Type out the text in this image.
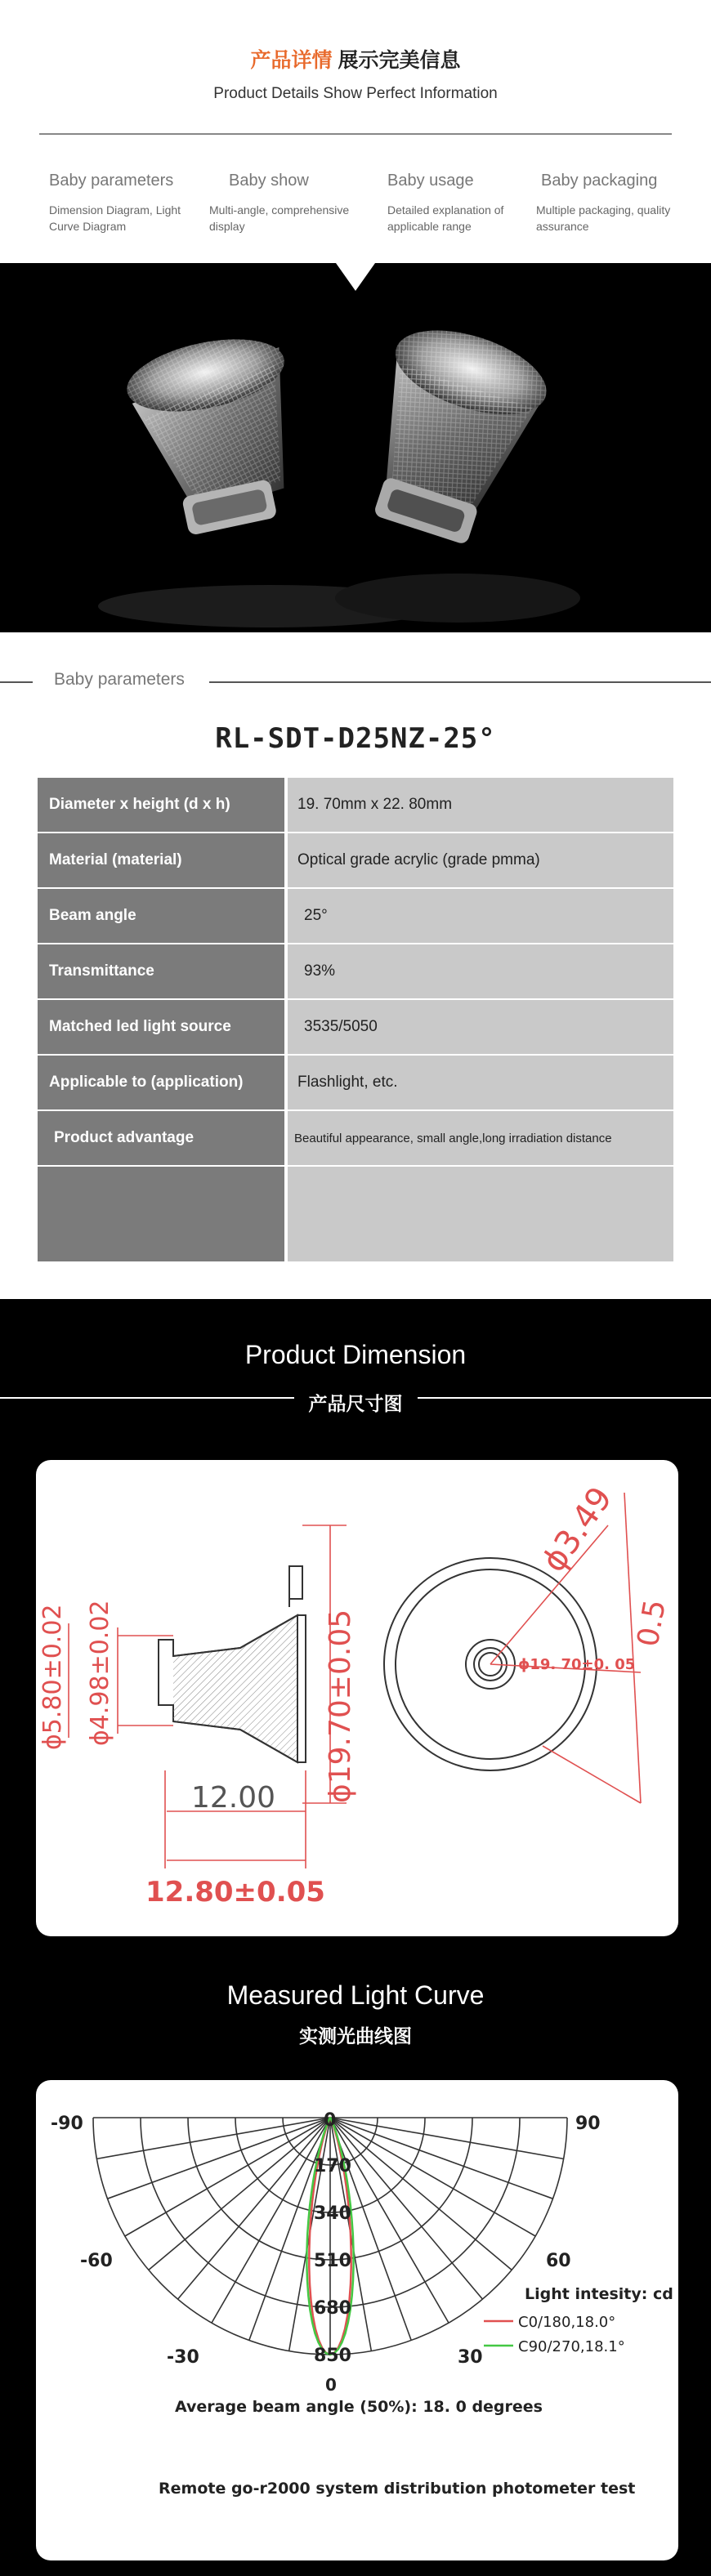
产品详情 展示完美信息
Product Details Show Perfect Information
Baby parameters
Dimension Diagram, Light Curve Diagram
Baby show
Multi-angle, comprehensive display
Baby usage
Detailed explanation of applicable range
Baby packaging
Multiple packaging, quality assurance
Baby parameters
RL-SDT-D25NZ-25°
Diameter x height (d x h)	19. 70mm x 22. 80mm
Material (material)	Optical grade acrylic (grade pmma)
Beam angle	25°
Transmittance	93%
Matched led light source	3535/5050
Applicable to (application)	Flashlight, etc.
Product advantage	Beautiful appearance, small angle,long irradiation distance
Product Dimension
产品尺寸图
ϕ5.80±0.02 ϕ4.98±0.02	ϕ19.70±0.05
12.00
12.80±0.05
ϕ3.49
ϕ19. 70±0. 05
0.5
Measured Light Curve
实测光曲线图
-90	90
0
-60	60
-30	30
0
170
340
510
680
850
Light intesity: cd
C0/180,18.0°
C90/270,18.1°
Average beam angle (50%): 18. 0 degrees
Remote go-r2000 system distribution photometer test
